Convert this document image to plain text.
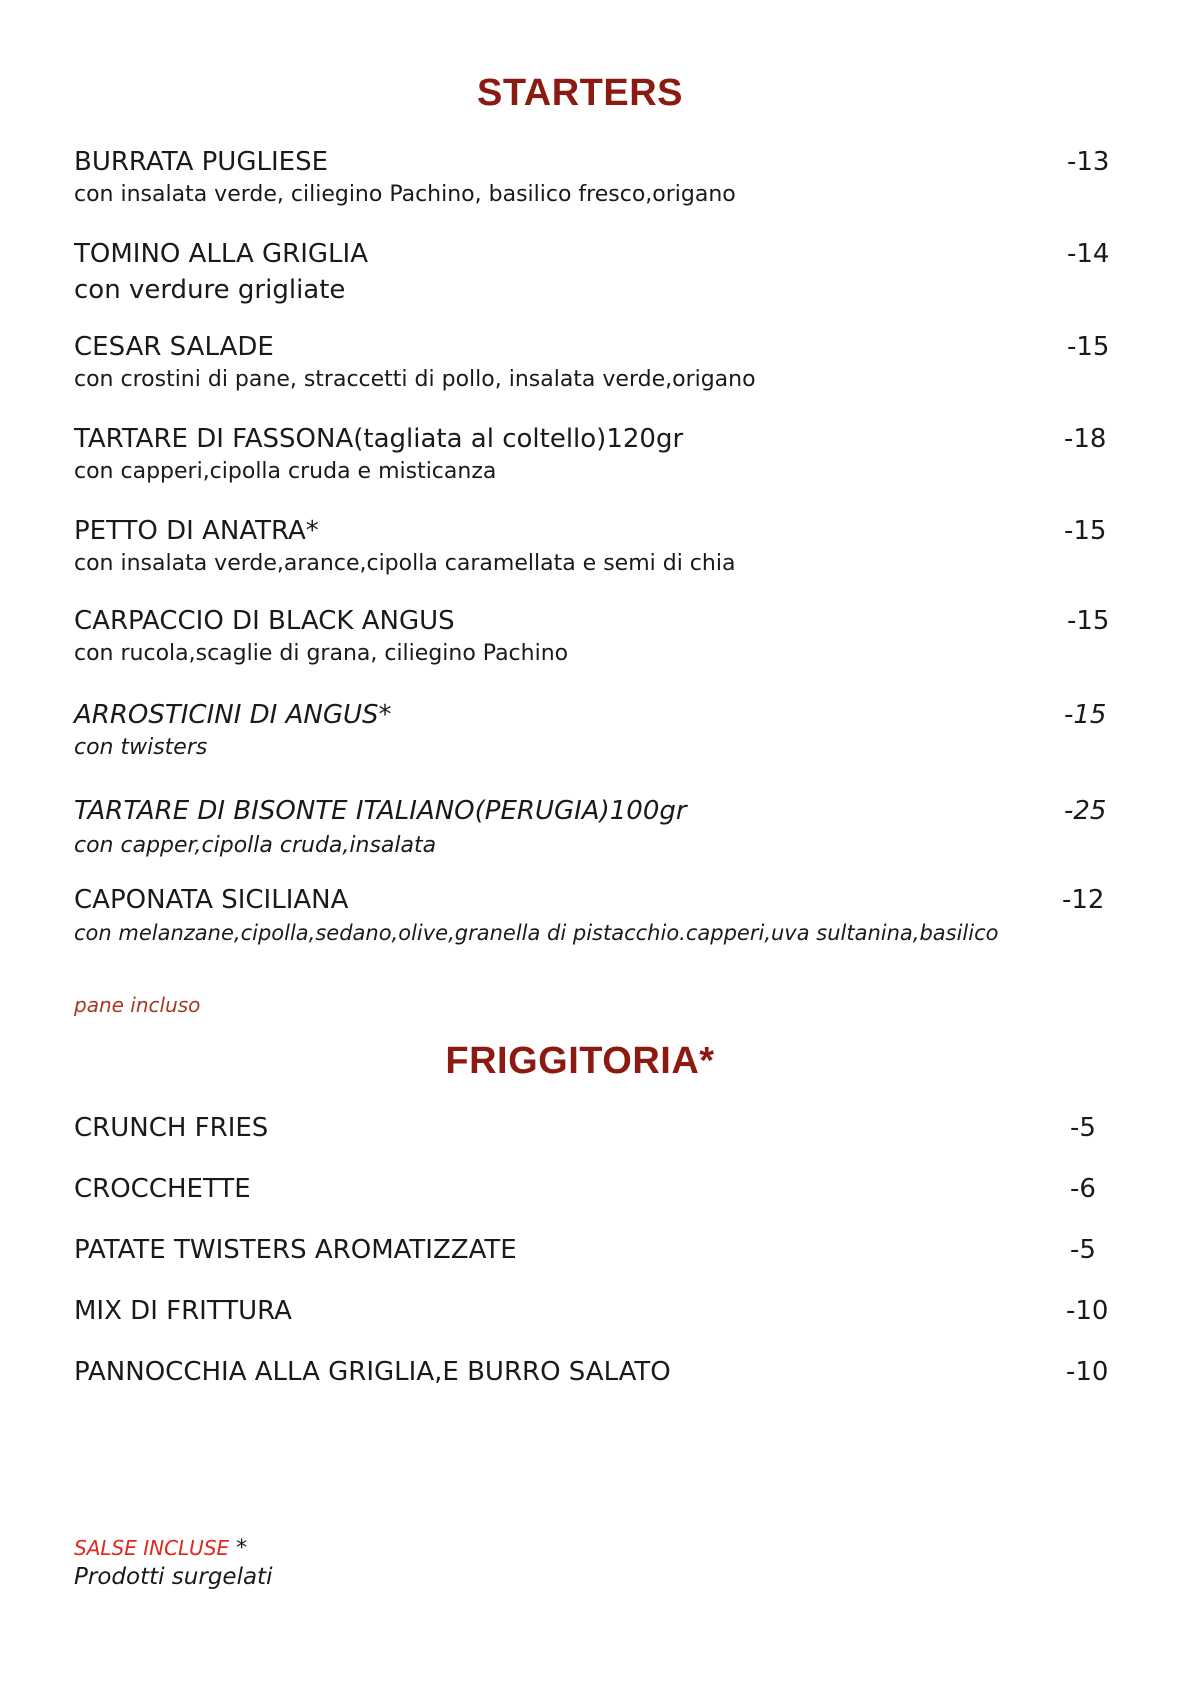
STARTERS
BURRATA PUGLIESE	-13
con insalata verde, ciliegino Pachino, basilico fresco,origano
TOMINO ALLA GRIGLIA	-14
con verdure grigliate
CESAR SALADE	-15
con crostini di pane, straccetti di pollo, insalata verde,origano
TARTARE DI FASSONA(tagliata al coltello)120gr	-18
con capperi,cipolla cruda e misticanza
PETTO DI ANATRA*	-15
con insalata verde,arance,cipolla caramellata e semi di chia
CARPACCIO DI BLACK ANGUS	-15
con rucola,scaglie di grana, ciliegino Pachino
ARROSTICINI DI ANGUS*	-15
con twisters
TARTARE DI BISONTE ITALIANO(PERUGIA)100gr	-25
con capper,cipolla cruda,insalata
CAPONATA SICILIANA	-12
con melanzane,cipolla,sedano,olive,granella di pistacchio.capperi,uva sultanina,basilico
pane incluso
FRIGGITORIA*
CRUNCH FRIES	-5
CROCCHETTE	-6
PATATE TWISTERS AROMATIZZATE	-5
MIX DI FRITTURA	-10
PANNOCCHIA ALLA GRIGLIA,E BURRO SALATO	-10
SALSE INCLUSE *
Prodotti surgelati
